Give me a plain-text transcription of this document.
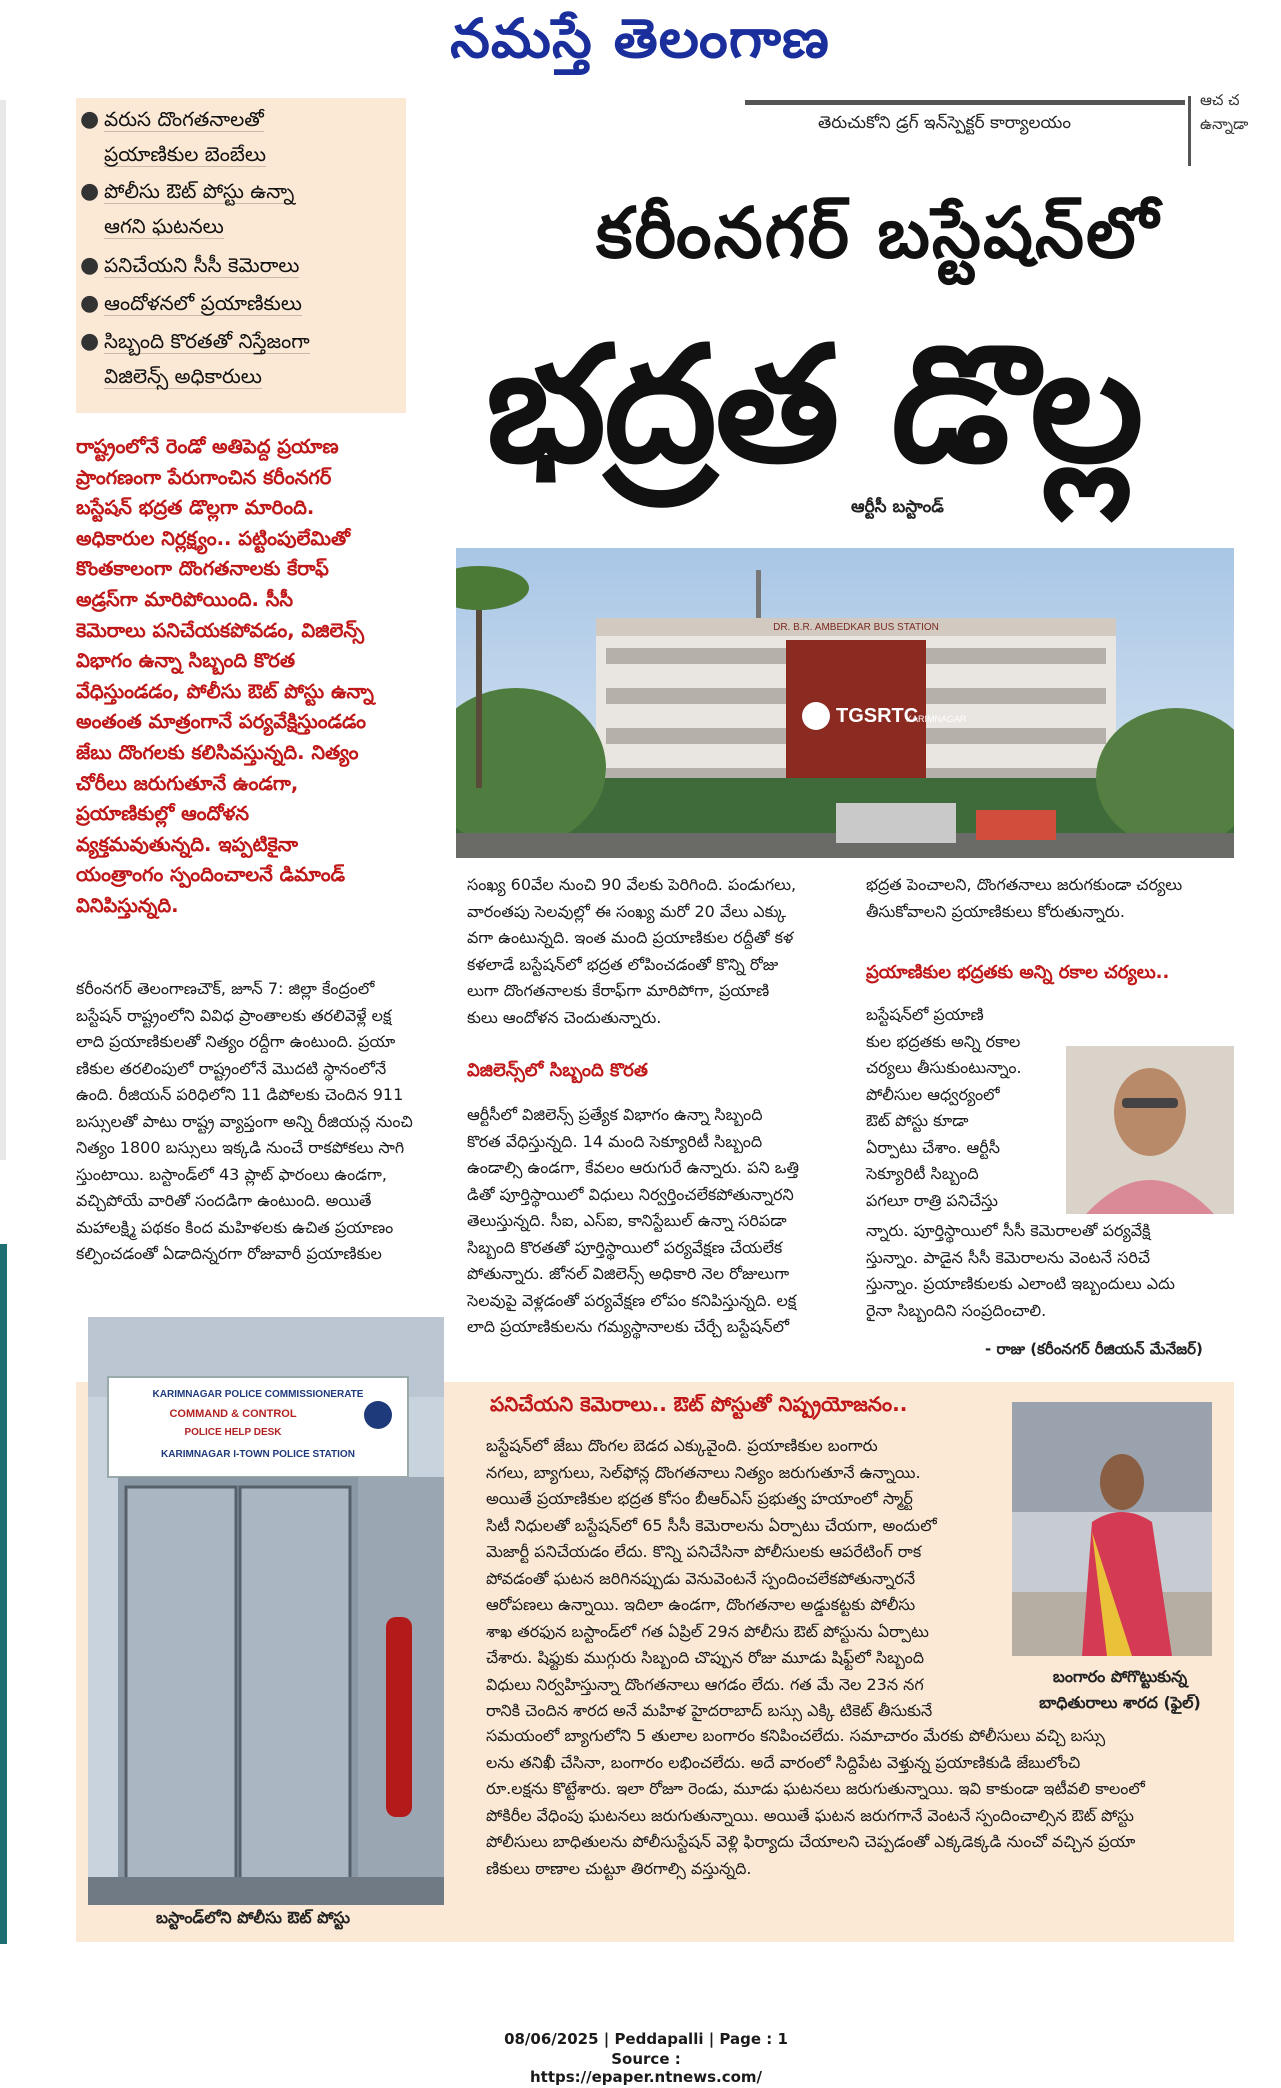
నమస్తే తెలంగాణ
ఆచ చ
ఉన్నాడా
తెరుచుకోని డ్రగ్ ఇన్‌స్పెక్టర్ కార్యాలయం
● వరుస దొంగతనాలతో
ప్రయాణికుల బెంబేలు
● పోలీసు ఔట్ పోస్టు ఉన్నా
ఆగని ఘటనలు
● పనిచేయని సీసీ కెమెరాలు
● ఆందోళనలో ప్రయాణికులు
● సిబ్బంది కొరతతో నిస్తేజంగా
విజిలెన్స్ అధికారులు
కరీంనగర్ బస్టేషన్‌లో
భద్రత డొల్ల
ఆర్టీసీ బస్టాండ్
రాష్ట్రంలోనే రెండో అతిపెద్ద ప్రయాణ
ప్రాంగణంగా పేరుగాంచిన కరీంనగర్
బస్టేషన్ భద్రత డొల్లగా మారింది.
అధికారుల నిర్లక్ష్యం.. పట్టింపులేమితో
కొంతకాలంగా దొంగతనాలకు కేరాఫ్
అడ్రస్‌గా మారిపోయింది. సీసీ
కెమెరాలు పనిచేయకపోవడం, విజిలెన్స్
విభాగం ఉన్నా సిబ్బంది కొరత
వేధిస్తుండడం, పోలీసు ఔట్ పోస్టు ఉన్నా
అంతంత మాత్రంగానే పర్యవేక్షిస్తుండడం
జేబు దొంగలకు కలిసివస్తున్నది. నిత్యం
చోరీలు జరుగుతూనే ఉండగా,
ప్రయాణికుల్లో ఆందోళన
వ్యక్తమవుతున్నది. ఇప్పటికైనా
యంత్రాంగం స్పందించాలనే డిమాండ్
వినిపిస్తున్నది.
TGSRTC
KARIMNAGAR
DR. B.R. AMBEDKAR BUS STATION
కరీంనగర్ తెలంగాణచౌక్, జూన్ 7: జిల్లా కేంద్రంలో
బస్టేషన్ రాష్ట్రంలోని వివిధ ప్రాంతాలకు తరలివెళ్లే లక్ష
లాది ప్రయాణికులతో నిత్యం రద్దీగా ఉంటుంది. ప్రయా
ణికుల తరలింపులో రాష్ట్రంలోనే మొదటి స్థానంలోనే
ఉంది. రీజియన్ పరిధిలోని 11 డిపోలకు చెందిన 911
బస్సులతో పాటు రాష్ట్ర వ్యాప్తంగా అన్ని రీజియన్ల నుంచి
నిత్యం 1800 బస్సులు ఇక్కడి నుంచే రాకపోకలు సాగి
స్తుంటాయి. బస్టాండ్‌లో 43 ప్లాట్ ఫారంలు ఉండగా,
వచ్చిపోయే వారితో సందడిగా ఉంటుంది. అయితే
మహాలక్ష్మి పథకం కింద మహిళలకు ఉచిత ప్రయాణం
కల్పించడంతో ఏడాదిన్నరగా రోజువారీ ప్రయాణికుల
సంఖ్య 60వేల నుంచి 90 వేలకు పెరిగింది. పండుగలు,
వారంతపు సెలవుల్లో ఈ సంఖ్య మరో 20 వేలు ఎక్కు
వగా ఉంటున్నది. ఇంత మంది ప్రయాణికుల రద్దీతో కళ
కళలాడే బస్టేషన్‌లో భద్రత లోపించడంతో కొన్ని రోజు
లుగా దొంగతనాలకు కేరాఫ్‌గా మారిపోగా, ప్రయాణి
కులు ఆందోళన చెందుతున్నారు.
విజిలెన్స్‌లో సిబ్బంది కొరత
ఆర్టీసీలో విజిలెన్స్ ప్రత్యేక విభాగం ఉన్నా సిబ్బంది
కొరత వేధిస్తున్నది. 14 మంది సెక్యూరిటీ సిబ్బంది
ఉండాల్సి ఉండగా, కేవలం ఆరుగురే ఉన్నారు. పని ఒత్తి
డితో పూర్తిస్థాయిలో విధులు నిర్వర్తించలేకపోతున్నారని
తెలుస్తున్నది. సీఐ, ఎస్ఐ, కానిస్టేబుల్ ఉన్నా సరిపడా
సిబ్బంది కొరతతో పూర్తిస్థాయిలో పర్యవేక్షణ చేయలేక
పోతున్నారు. జోనల్ విజిలెన్స్ అధికారి నెల రోజులుగా
సెలవుపై వెళ్లడంతో పర్యవేక్షణ లోపం కనిపిస్తున్నది. లక్ష
లాది ప్రయాణికులను గమ్యస్థానాలకు చేర్చే బస్టేషన్‌లో
భద్రత పెంచాలని, దొంగతనాలు జరుగకుండా చర్యలు
తీసుకోవాలని ప్రయాణికులు కోరుతున్నారు.
ప్రయాణికుల భద్రతకు అన్ని రకాల చర్యలు..
బస్టేషన్‌లో ప్రయాణి
కుల భద్రతకు అన్ని రకాల
చర్యలు తీసుకుంటున్నాం.
పోలీసుల ఆధ్వర్యంలో
ఔట్ పోస్టు కూడా
ఏర్పాటు చేశాం. ఆర్టీసీ
సెక్యూరిటీ సిబ్బంది
పగలూ రాత్రి పనిచేస్తు
న్నారు. పూర్తిస్థాయిలో సీసీ కెమెరాలతో పర్యవేక్షి
స్తున్నాం. పాడైన సీసీ కెమెరాలను వెంటనే సరిచే
స్తున్నాం. ప్రయాణికులకు ఎలాంటి ఇబ్బందులు ఎదు
రైనా సిబ్బందిని సంప్రదించాలి.
- రాజు (కరీంనగర్ రీజియన్ మేనేజర్)
KARIMNAGAR POLICE COMMISSIONERATE
COMMAND & CONTROL
POLICE HELP DESK
KARIMNAGAR I-TOWN POLICE STATION
బస్టాండ్‌లోని పోలీసు ఔట్ పోస్టు
పనిచేయని కెమెరాలు.. ఔట్ పోస్టుతో నిష్ప్రయోజనం..
బస్టేషన్‌లో జేబు దొంగల బెడద ఎక్కువైంది. ప్రయాణికుల బంగారు
నగలు, బ్యాగులు, సెల్‌ఫోన్ల దొంగతనాలు నిత్యం జరుగుతూనే ఉన్నాయి.
అయితే ప్రయాణికుల భద్రత కోసం బీఆర్ఎస్ ప్రభుత్వ హయాంలో స్మార్ట్
సిటీ నిధులతో బస్టేషన్‌లో 65 సీసీ కెమెరాలను ఏర్పాటు చేయగా, అందులో
మెజార్టీ పనిచేయడం లేదు. కొన్ని పనిచేసినా పోలీసులకు ఆపరేటింగ్ రాక
పోవడంతో ఘటన జరిగినప్పుడు వెనువెంటనే స్పందించలేకపోతున్నారనే
ఆరోపణలు ఉన్నాయి. ఇదిలా ఉండగా, దొంగతనాల అడ్డుకట్టకు పోలీసు
శాఖ తరఫున బస్టాండ్‌లో గత ఏప్రిల్ 29న పోలీసు ఔట్ పోస్టును ఏర్పాటు
చేశారు. షిఫ్టుకు ముగ్గురు సిబ్బంది చొప్పున రోజు మూడు షిఫ్ట్‌లో సిబ్బంది
విధులు నిర్వహిస్తున్నా దొంగతనాలు ఆగడం లేదు. గత మే నెల 23న నగ
రానికి చెందిన శారద అనే మహిళ హైదరాబాద్ బస్సు ఎక్కి టికెట్ తీసుకునే
బంగారం పోగొట్టుకున్న
బాధితురాలు శారద (ఫైల్)
సమయంలో బ్యాగులోని 5 తులాల బంగారం కనిపించలేదు. సమాచారం మేరకు పోలీసులు వచ్చి బస్సు
లను తనిఖీ చేసినా, బంగారం లభించలేదు. అదే వారంలో సిద్దిపేట వెళ్తున్న ప్రయాణికుడి జేబులోంచి
రూ.లక్షను కొట్టేశారు. ఇలా రోజూ రెండు, మూడు ఘటనలు జరుగుతున్నాయి. ఇవి కాకుండా ఇటీవలి కాలంలో
పోకిరీల వేధింపు ఘటనలు జరుగుతున్నాయి. అయితే ఘటన జరుగగానే వెంటనే స్పందించాల్సిన ఔట్ పోస్టు
పోలీసులు బాధితులను పోలీసుస్టేషన్ వెళ్లి ఫిర్యాదు చేయాలని చెప్పడంతో ఎక్కడెక్కడి నుంచో వచ్చిన ప్రయా
ణికులు ఠాణాల చుట్టూ తిరగాల్సి వస్తున్నది.
08/06/2025 | Peddapalli | Page : 1
Source : https://epaper.ntnews.com/
